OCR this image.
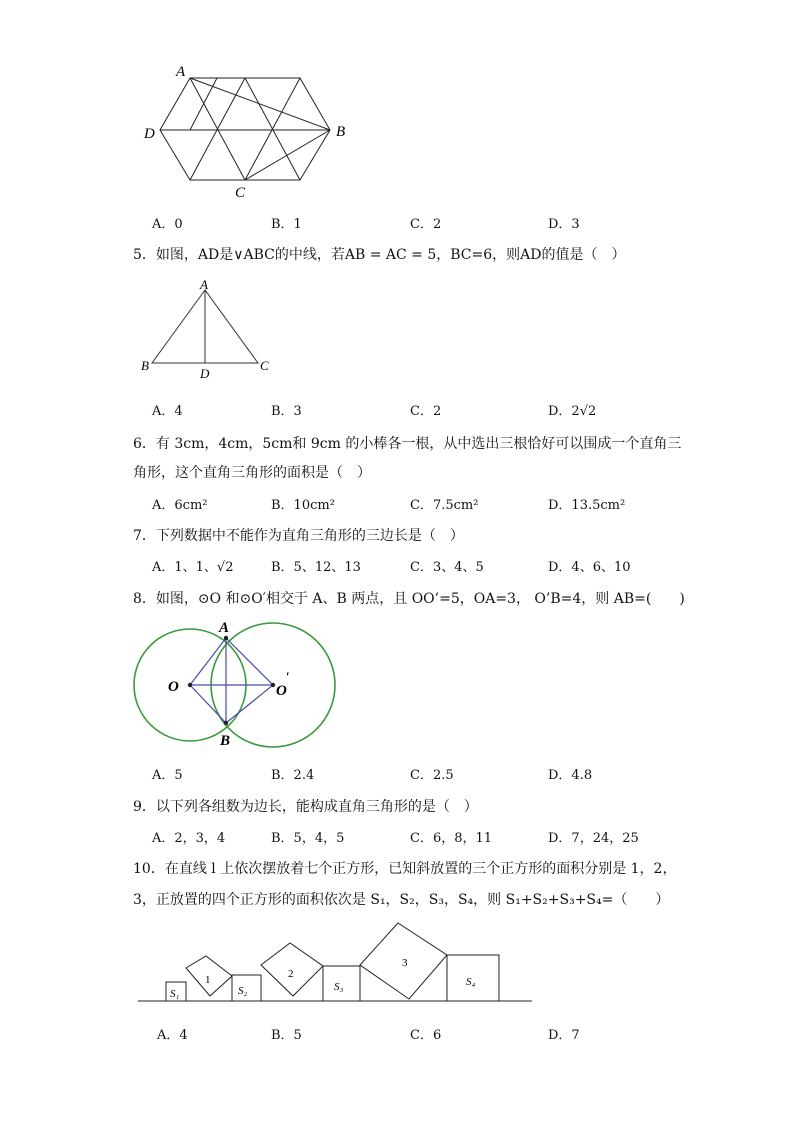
A
B
C
D
A．0	B．1	C．2	D．3
5．如图，AD是∨ABC的中线，若AB = AC = 5，BC=6，则AD的值是（　）
A
B	C
D
A．4	B．3	C．2	D．2√2
6．有 3cm，4cm，5cm和 9cm 的小棒各一根，从中选出三根恰好可以围成一个直角三
角形，这个直角三角形的面积是（　）
A．6cm²	B．10cm²	C．7.5cm²	D．13.5cm²
7．下列数据中不能作为直角三角形的三边长是（　）
A．1、1、√2	B．5、12、13	C．3、4、5	D．4、6、10
8．如图，⊙O 和⊙O′相交于 A、B 两点，且 OO’=5，OA=3， O’B=4，则 AB=(　　)
A
O	O
′
B
A．5	B．2.4	C．2.5	D．4.8
9．以下列各组数为边长，能构成直角三角形的是（　）
A．2，3，4	B．5，4，5	C．6，8，11	D．7，24，25
10．在直线 l 上依次摆放着七个正方形，已知斜放置的三个正方形的面积分别是 1，2，
3，正放置的四个正方形的面积依次是 S₁，S₂，S₃，S₄，则 S₁+S₂+S₃+S₄=（　　）
S₁
1
S₂
2
S₃
3
S₄
A．4	B．5	C．6	D．7
